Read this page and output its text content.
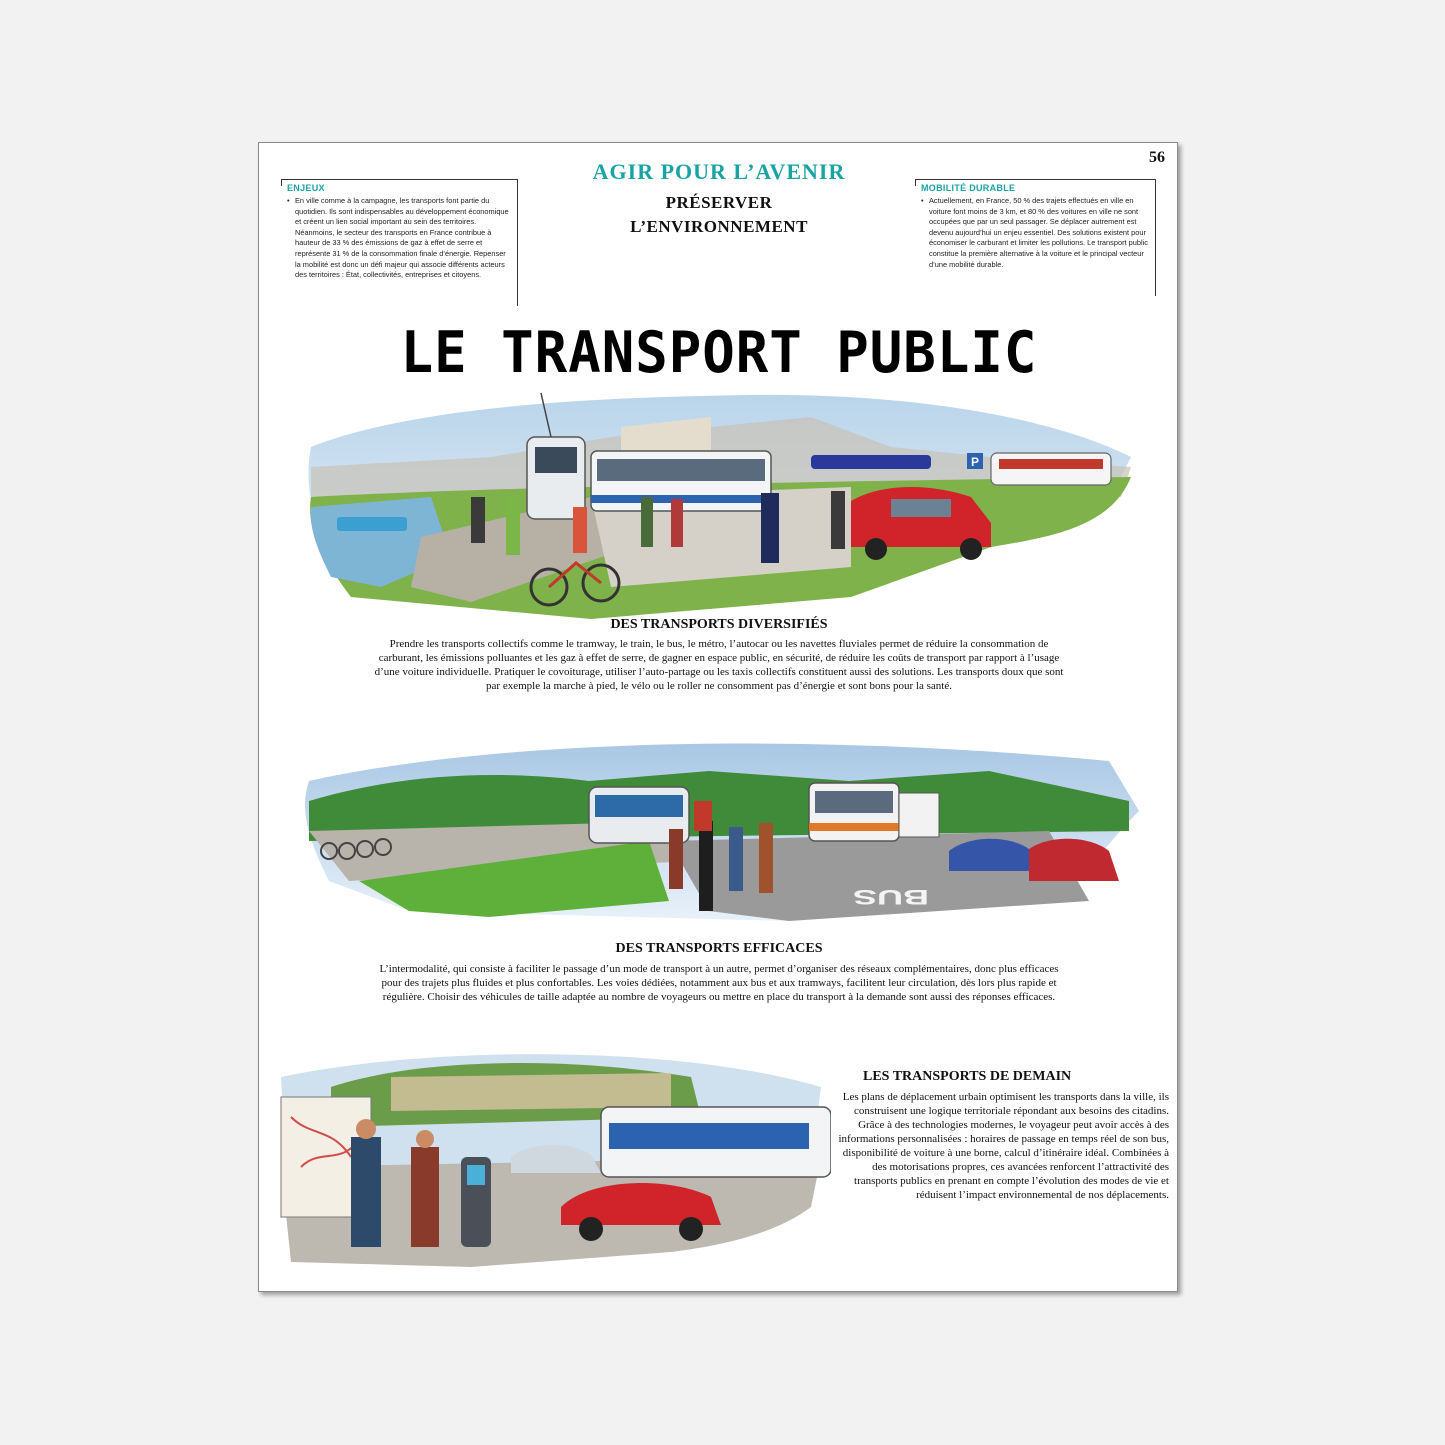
56
ENJEUX
• En ville comme à la campagne, les transports font partie du quotidien. Ils sont indispensables au développement économique et créent un lien social important au sein des territoires. Néanmoins, le secteur des transports en France contribue à hauteur de 33 % des émissions de gaz à effet de serre et représente 31 % de la consommation finale d’énergie. Repenser la mobilité est donc un défi majeur qui associe différents acteurs des territoires : État, collectivités, entreprises et citoyens.
AGIR POUR L’AVENIR
PRÉSERVER
L’ENVIRONNEMENT
MOBILITÉ DURABLE
• Actuellement, en France, 50 % des trajets effectués en ville en voiture font moins de 3 km, et 80 % des voitures en ville ne sont occupées que par un seul passager. Se déplacer autrement est devenu aujourd’hui un enjeu essentiel. Des solutions existent pour économiser le carburant et limiter les pollutions. Le transport public constitue la première alternative à la voiture et le principal vecteur d’une mobilité durable.
LE TRANSPORT PUBLIC
P
DES TRANSPORTS DIVERSIFIÉS
Prendre les transports collectifs comme le tramway, le train, le bus, le métro, l’autocar ou les navettes fluviales permet de réduire la consommation de carburant, les émissions polluantes et les gaz à effet de serre, de gagner en espace public, en sécurité, de réduire les coûts de transport par rapport à l’usage d’une voiture individuelle. Pratiquer le covoiturage, utiliser l’auto-partage ou les taxis collectifs constituent aussi des solutions. Les transports doux que sont par exemple la marche à pied, le vélo ou le roller ne consomment pas d’énergie et sont bons pour la santé.
BUS
DES TRANSPORTS EFFICACES
L’intermodalité, qui consiste à faciliter le passage d’un mode de transport à un autre, permet d’organiser des réseaux complémentaires, donc plus efficaces pour des trajets plus fluides et plus confortables. Les voies dédiées, notamment aux bus et aux tramways, facilitent leur circulation, dès lors plus rapide et régulière. Choisir des véhicules de taille adaptée au nombre de voyageurs ou mettre en place du transport à la demande sont aussi des réponses efficaces.
LES TRANSPORTS DE DEMAIN
Les plans de déplacement urbain optimisent les transports dans la ville, ils construisent une logique territoriale répondant aux besoins des citadins. Grâce à des technologies modernes, le voyageur peut avoir accès à des informations personnalisées : horaires de passage en temps réel de son bus, disponibilité de voiture à une borne, calcul d’itinéraire idéal. Combinées à des motorisations propres, ces avancées renforcent l’attractivité des transports publics en prenant en compte l’évolution des modes de vie et réduisent l’impact environnemental de nos déplacements.
